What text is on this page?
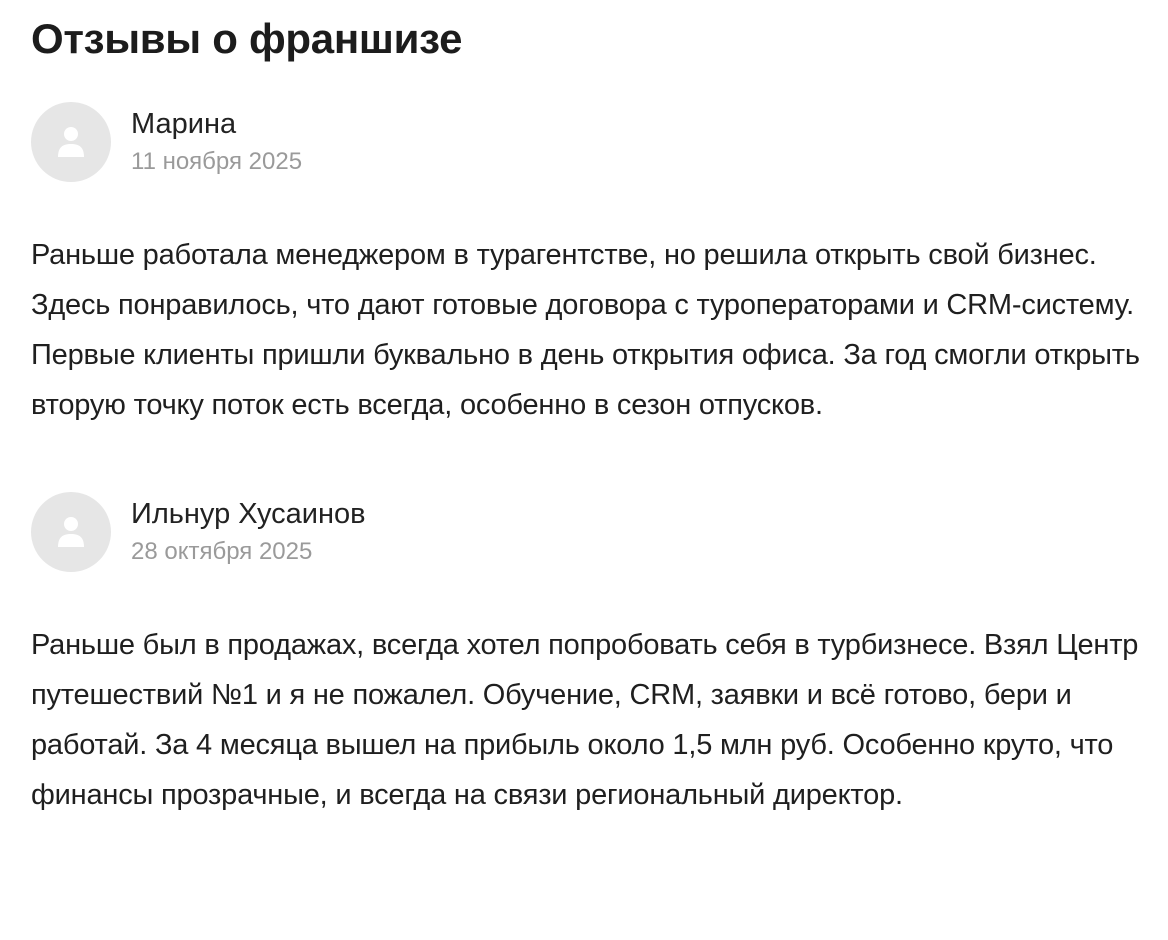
Отзывы о франшизе
Марина
11 ноября 2025

Раньше работала менеджером в турагентстве, но решила открыть свой бизнес. Здесь понравилось, что дают готовые договора с туроператорами и CRM-систему. Первые клиенты пришли буквально в день открытия офиса. За год смогли открыть вторую точку поток есть всегда, особенно в сезон отпусков.

Ильнур Хусаинов
28 октября 2025

Раньше был в продажах, всегда хотел попробовать себя в турбизнесе. Взял Центр путешествий №1 и я не пожалел. Обучение, CRM, заявки и всё готово, бери и работай. За 4 месяца вышел на прибыль около 1,5 млн руб. Особенно круто, что финансы прозрачные, и всегда на связи региональный директор.
